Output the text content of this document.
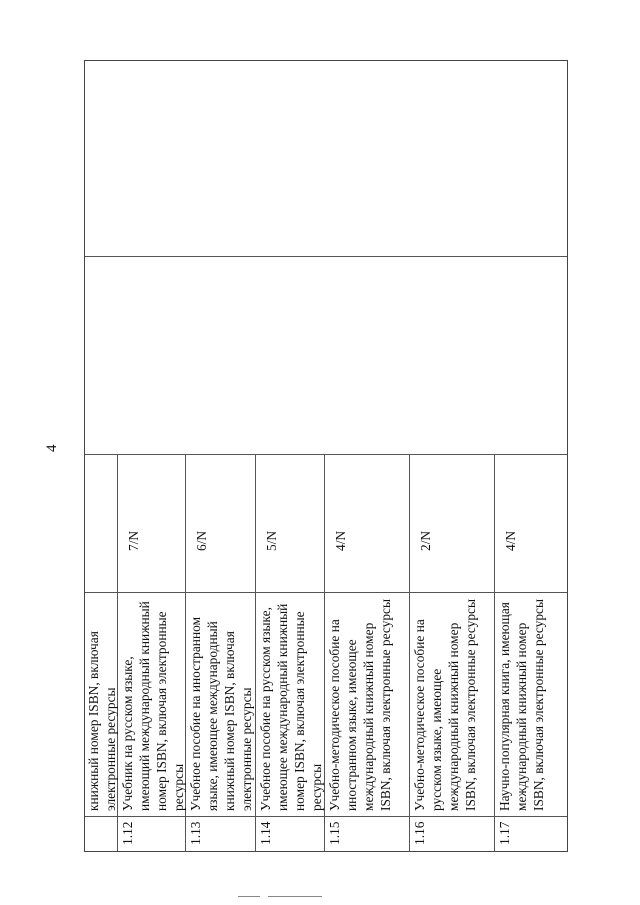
4
книжный номер ISBN, включая электронные ресурсы
1.12
Учебник на русском языке, имеющий международный книжный номер ISBN, включая электронные ресурсы
7/N
1.13
Учебное пособие на иностранном языке, имеющее международный книжный номер ISBN, включая электронные ресурсы
6/N
1.14
Учебное пособие на русском языке, имеющее международный книжный номер ISBN, включая электронные ресурсы
5/N
1.15
Учебно-методическое пособие на иностранном языке, имеющее международный книжный номер ISBN, включая электронные ресурсы
4/N
1.16
Учебно-методическое пособие на русском языке, имеющее международный книжный номер ISBN, включая электронные ресурсы
2/N
1.17
Научно-популярная книга, имеющая международный книжный номер ISBN, включая электронные ресурсы
4/N
